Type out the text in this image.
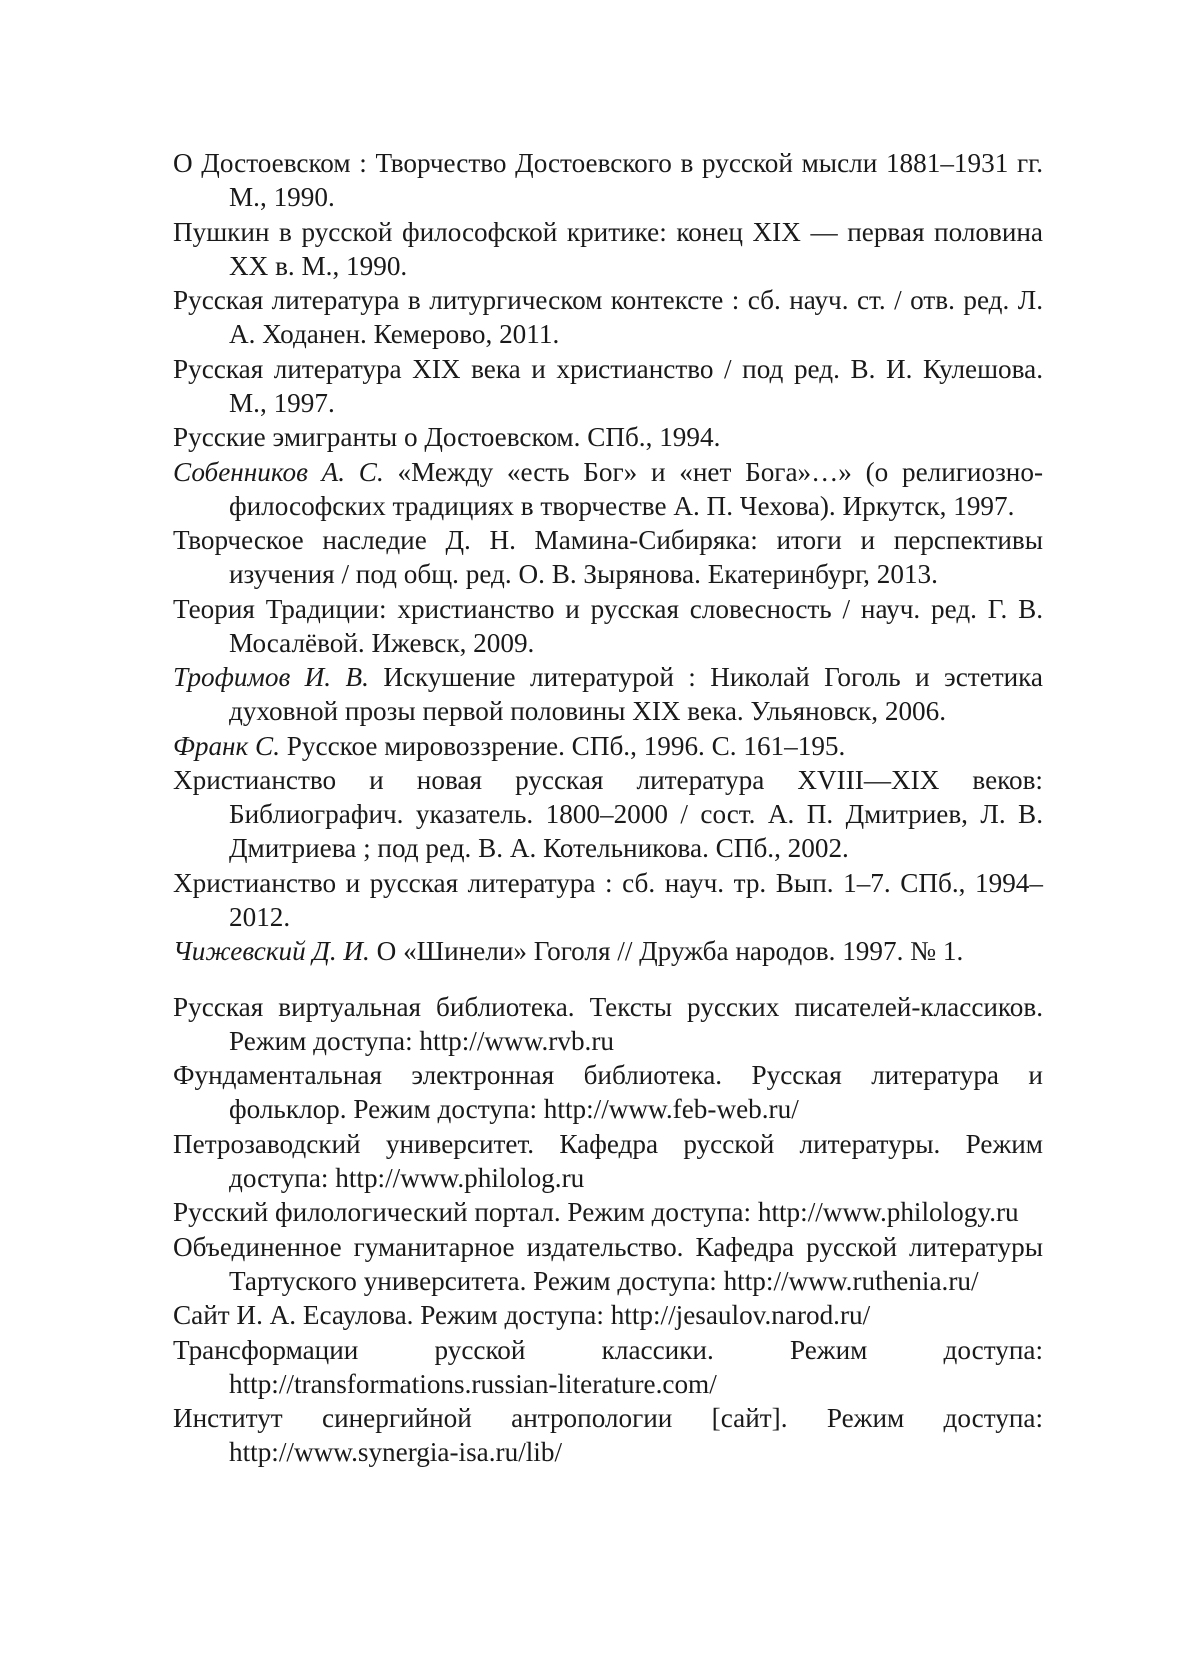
О Достоевском : Творчество Достоевского в русской мысли 1881–1931 гг. М., 1990.

Пушкин в русской философской критике: конец XIX — первая половина XX в. М., 1990.

Русская литература в литургическом контексте : сб. науч. ст. / отв. ред. Л. А. Ходанен. Кемерово, 2011.

Русская литература XIX века и христианство / под ред. В. И. Кулешова. М., 1997.

Русские эмигранты о Достоевском. СПб., 1994.

Собенников А. С. «Между «есть Бог» и «нет Бога»…» (о религиозно-философских традициях в творчестве А. П. Чехова). Иркутск, 1997.

Творческое наследие Д. Н. Мамина-Сибиряка: итоги и перспективы изучения / под общ. ред. О. В. Зырянова. Екатеринбург, 2013.

Теория Традиции: христианство и русская словесность / науч. ред. Г. В. Мосалёвой. Ижевск, 2009.

Трофимов И. В. Искушение литературой : Николай Гоголь и эстетика духовной прозы первой половины XIX века. Ульяновск, 2006.

Франк С. Русское мировоззрение. СПб., 1996. С. 161–195.

Христианство и новая русская литература XVIII—XIX веков: Библиографич. указатель. 1800–2000 / сост. А. П. Дмитриев, Л. В. Дмитриева ; под ред. В. А. Котельникова. СПб., 2002.

Христианство и русская литература : сб. науч. тр. Вып. 1–7. СПб., 1994–2012.

Чижевский Д. И. О «Шинели» Гоголя // Дружба народов. 1997. № 1.

Русская виртуальная библиотека. Тексты русских писателей-классиков. Режим доступа: http://www.rvb.ru

Фундаментальная электронная библиотека. Русская литература и фольклор. Режим доступа: http://www.feb-web.ru/

Петрозаводский университет. Кафедра русской литературы. Режим доступа: http://www.philolog.ru

Русский филологический портал. Режим доступа: http://www.philology.ru

Объединенное гуманитарное издательство. Кафедра русской литературы Тартуского университета. Режим доступа: http://www.ruthenia.ru/

Сайт И. А. Есаулова. Режим доступа: http://jesaulov.narod.ru/

Трансформации русской классики. Режим доступа: http://transformations.russian-literature.com/

Институт синергийной антропологии [сайт]. Режим доступа: http://www.synergia-isa.ru/lib/
